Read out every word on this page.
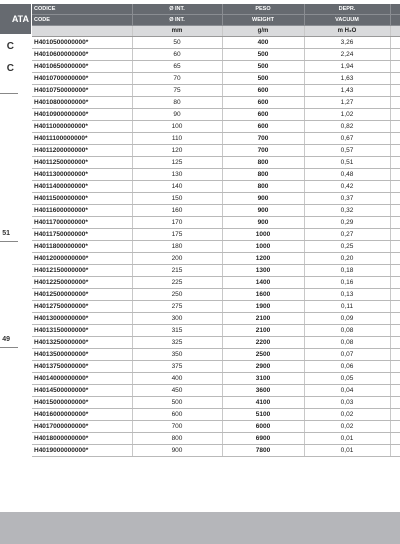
ATA
C
C
51
49
CODICE	Ø INT.	PESO	DEPR.	
CODE	Ø INT.	WEIGHT	VACUUM	
	mm	g/m	m H₂O	
H4010500000000*	50	400	3,26	
H4010600000000*	60	500	2,24	
H4010650000000*	65	500	1,94	
H4010700000000*	70	500	1,63	
H4010750000000*	75	600	1,43	
H4010800000000*	80	600	1,27	
H4010900000000*	90	600	1,02	
H4011000000000*	100	600	0,82	
H4011100000000*	110	700	0,67	
H4011200000000*	120	700	0,57	
H4011250000000*	125	800	0,51	
H4011300000000*	130	800	0,48	
H4011400000000*	140	800	0,42	
H4011500000000*	150	900	0,37	
H4011600000000*	160	900	0,32	
H4011700000000*	170	900	0,29	
H4011750000000*	175	1000	0,27	
H4011800000000*	180	1000	0,25	
H4012000000000*	200	1200	0,20	
H4012150000000*	215	1300	0,18	
H4012250000000*	225	1400	0,16	
H4012500000000*	250	1600	0,13	
H4012750000000*	275	1900	0,11	
H4013000000000*	300	2100	0,09	
H4013150000000*	315	2100	0,08	
H4013250000000*	325	2200	0,08	
H4013500000000*	350	2500	0,07	
H4013750000000*	375	2900	0,06	
H4014000000000*	400	3100	0,05	
H4014500000000*	450	3600	0,04	
H4015000000000*	500	4100	0,03	
H4016000000000*	600	5100	0,02	
H4017000000000*	700	6000	0,02	
H4018000000000*	800	6900	0,01	
H4019000000000*	900	7800	0,01	
